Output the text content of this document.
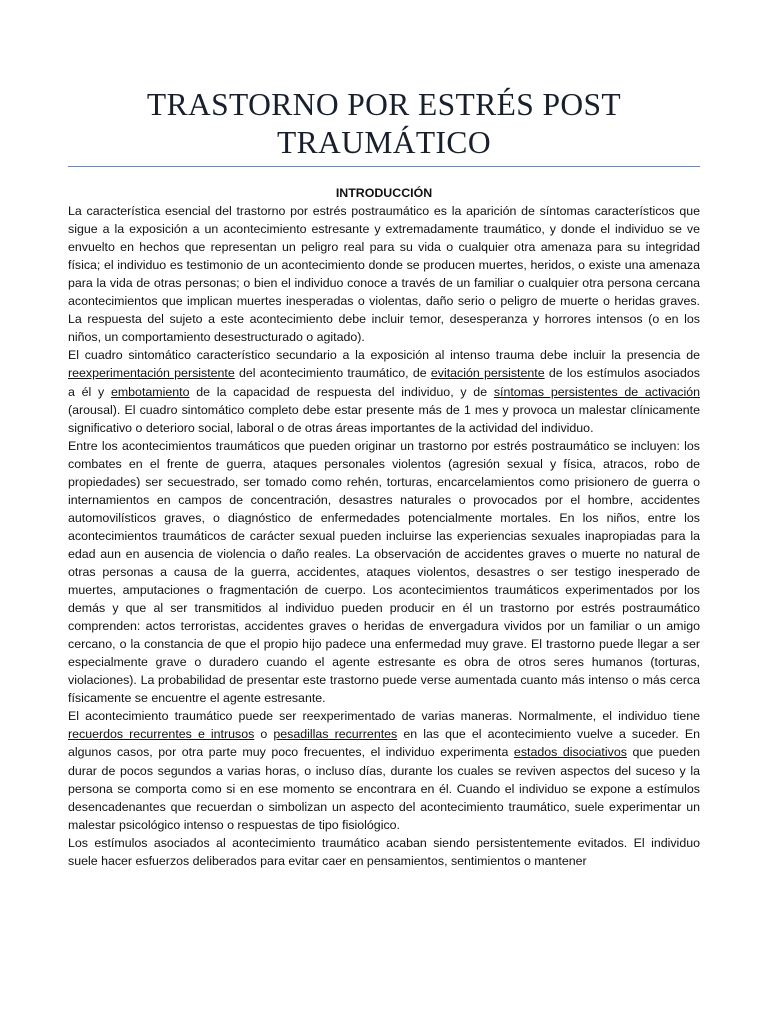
TRASTORNO POR ESTRÉS POST TRAUMÁTICO

INTRODUCCIÓN

La característica esencial del trastorno por estrés postraumático es la aparición de síntomas característicos que sigue a la exposición a un acontecimiento estresante y extremadamente traumático, y donde el individuo se ve envuelto en hechos que representan un peligro real para su vida o cualquier otra amenaza para su integridad física; el individuo es testimonio de un acontecimiento donde se producen muertes, heridos, o existe una amenaza para la vida de otras personas; o bien el individuo conoce a través de un familiar o cualquier otra persona cercana acontecimientos que implican muertes inesperadas o violentas, daño serio o peligro de muerte o heridas graves. La respuesta del sujeto a este acontecimiento debe incluir temor, desesperanza y horrores intensos (o en los niños, un comportamiento desestructurado o agitado).

El cuadro sintomático característico secundario a la exposición al intenso trauma debe incluir la presencia de reexperimentación persistente del acontecimiento traumático, de evitación persistente de los estímulos asociados a él y embotamiento de la capacidad de respuesta del individuo, y de síntomas persistentes de activación (arousal). El cuadro sintomático completo debe estar presente más de 1 mes y provoca un malestar clínicamente significativo o deterioro social, laboral o de otras áreas importantes de la actividad del individuo.

Entre los acontecimientos traumáticos que pueden originar un trastorno por estrés postraumático se incluyen: los combates en el frente de guerra, ataques personales violentos (agresión sexual y física, atracos, robo de propiedades) ser secuestrado, ser tomado como rehén, torturas, encarcelamientos como prisionero de guerra o internamientos en campos de concentración, desastres naturales o provocados por el hombre, accidentes automovilísticos graves, o diagnóstico de enfermedades potencialmente mortales. En los niños, entre los acontecimientos traumáticos de carácter sexual pueden incluirse las experiencias sexuales inapropiadas para la edad aun en ausencia de violencia o daño reales. La observación de accidentes graves o muerte no natural de otras personas a causa de la guerra, accidentes, ataques violentos, desastres o ser testigo inesperado de muertes, amputaciones o fragmentación de cuerpo. Los acontecimientos traumáticos experimentados por los demás y que al ser transmitidos al individuo pueden producir en él un trastorno por estrés postraumático comprenden: actos terroristas, accidentes graves o heridas de envergadura vividos por un familiar o un amigo cercano, o la constancia de que el propio hijo padece una enfermedad muy grave. El trastorno puede llegar a ser especialmente grave o duradero cuando el agente estresante es obra de otros seres humanos (torturas, violaciones). La probabilidad de presentar este trastorno puede verse aumentada cuanto más intenso o más cerca físicamente se encuentre el agente estresante.

El acontecimiento traumático puede ser reexperimentado de varias maneras. Normalmente, el individuo tiene recuerdos recurrentes e intrusos o pesadillas recurrentes en las que el acontecimiento vuelve a suceder. En algunos casos, por otra parte muy poco frecuentes, el individuo experimenta estados disociativos que pueden durar de pocos segundos a varias horas, o incluso días, durante los cuales se reviven aspectos del suceso y la persona se comporta como si en ese momento se encontrara en él. Cuando el individuo se expone a estímulos desencadenantes que recuerdan o simbolizan un aspecto del acontecimiento traumático, suele experimentar un malestar psicológico intenso o respuestas de tipo fisiológico.

Los estímulos asociados al acontecimiento traumático acaban siendo persistentemente evitados. El individuo suele hacer esfuerzos deliberados para evitar caer en pensamientos, sentimientos o mantener
